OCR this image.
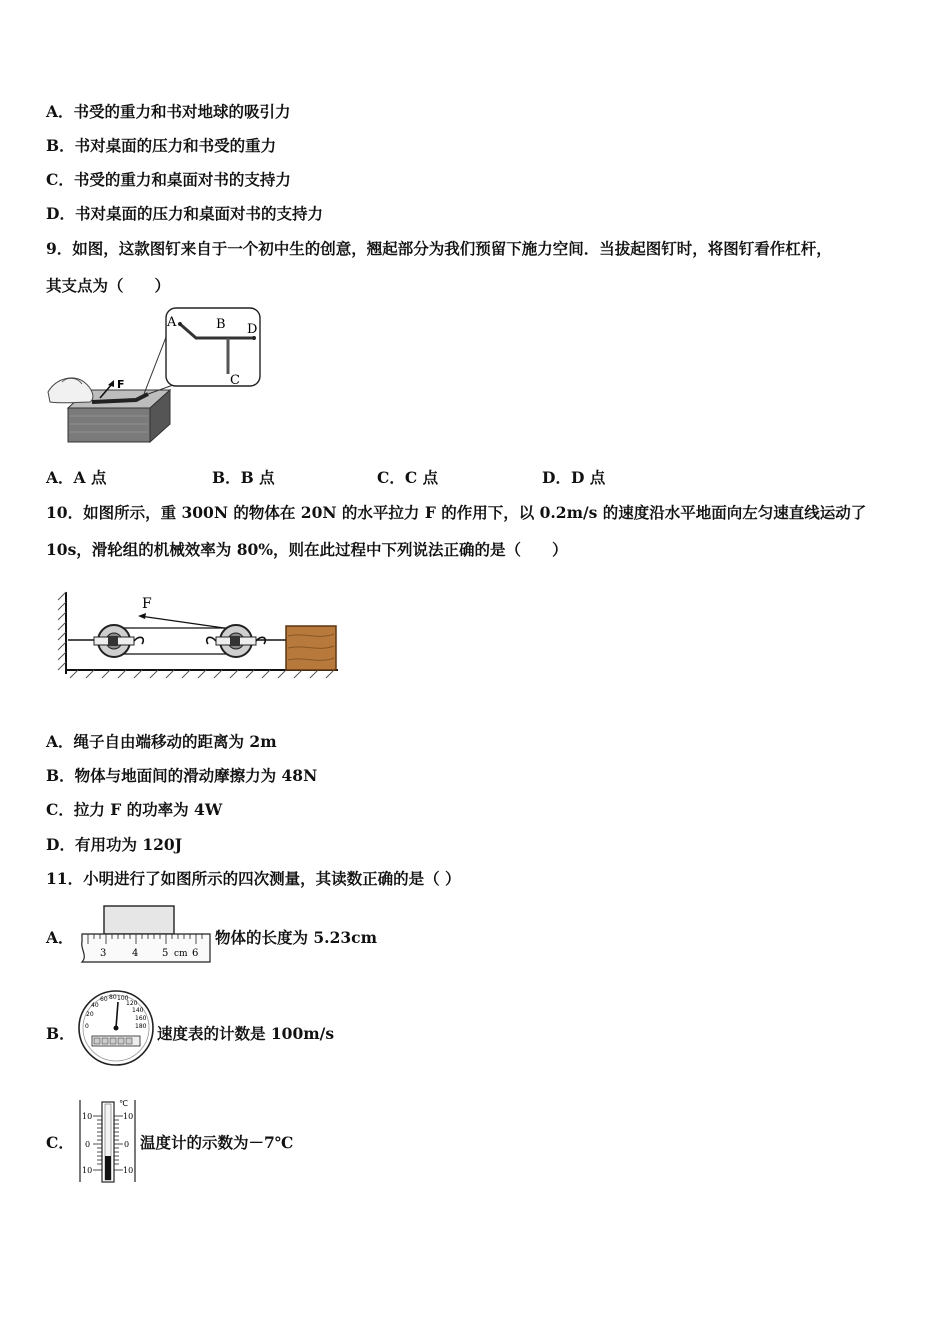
A．书受的重力和书对地球的吸引力
B．书对桌面的压力和书受的重力
C．书受的重力和桌面对书的支持力
D．书对桌面的压力和桌面对书的支持力
9．如图，这款图钉来自于一个初中生的创意，翘起部分为我们预留下施力空间．当拔起图钉时，将图钉看作杠杆，
其支点为（　　）
F
A	B D
C
A．A 点	B．B 点	C．C 点	D．D 点
10．如图所示，重 300N 的物体在 20N 的水平拉力 F 的作用下，以 0.2m/s 的速度沿水平地面向左匀速直线运动了
10s，滑轮组的机械效率为 80%，则在此过程中下列说法正确的是（　　）
F
A．绳子自由端移动的距离为 2m
B．物体与地面间的滑动摩擦力为 48N
C．拉力 F 的功率为 4W
D．有用功为 120J
11．小明进行了如图所示的四次测量，其读数正确的是（ ）
A．
3	4 5 cm 6
物体的长度为 5.23cm
B． 0
20
40
60 80 100
120
140
160
180 速度表的计数是 100m/s
C．
℃
10
0
10
10
0
10
温度计的示数为－7℃
